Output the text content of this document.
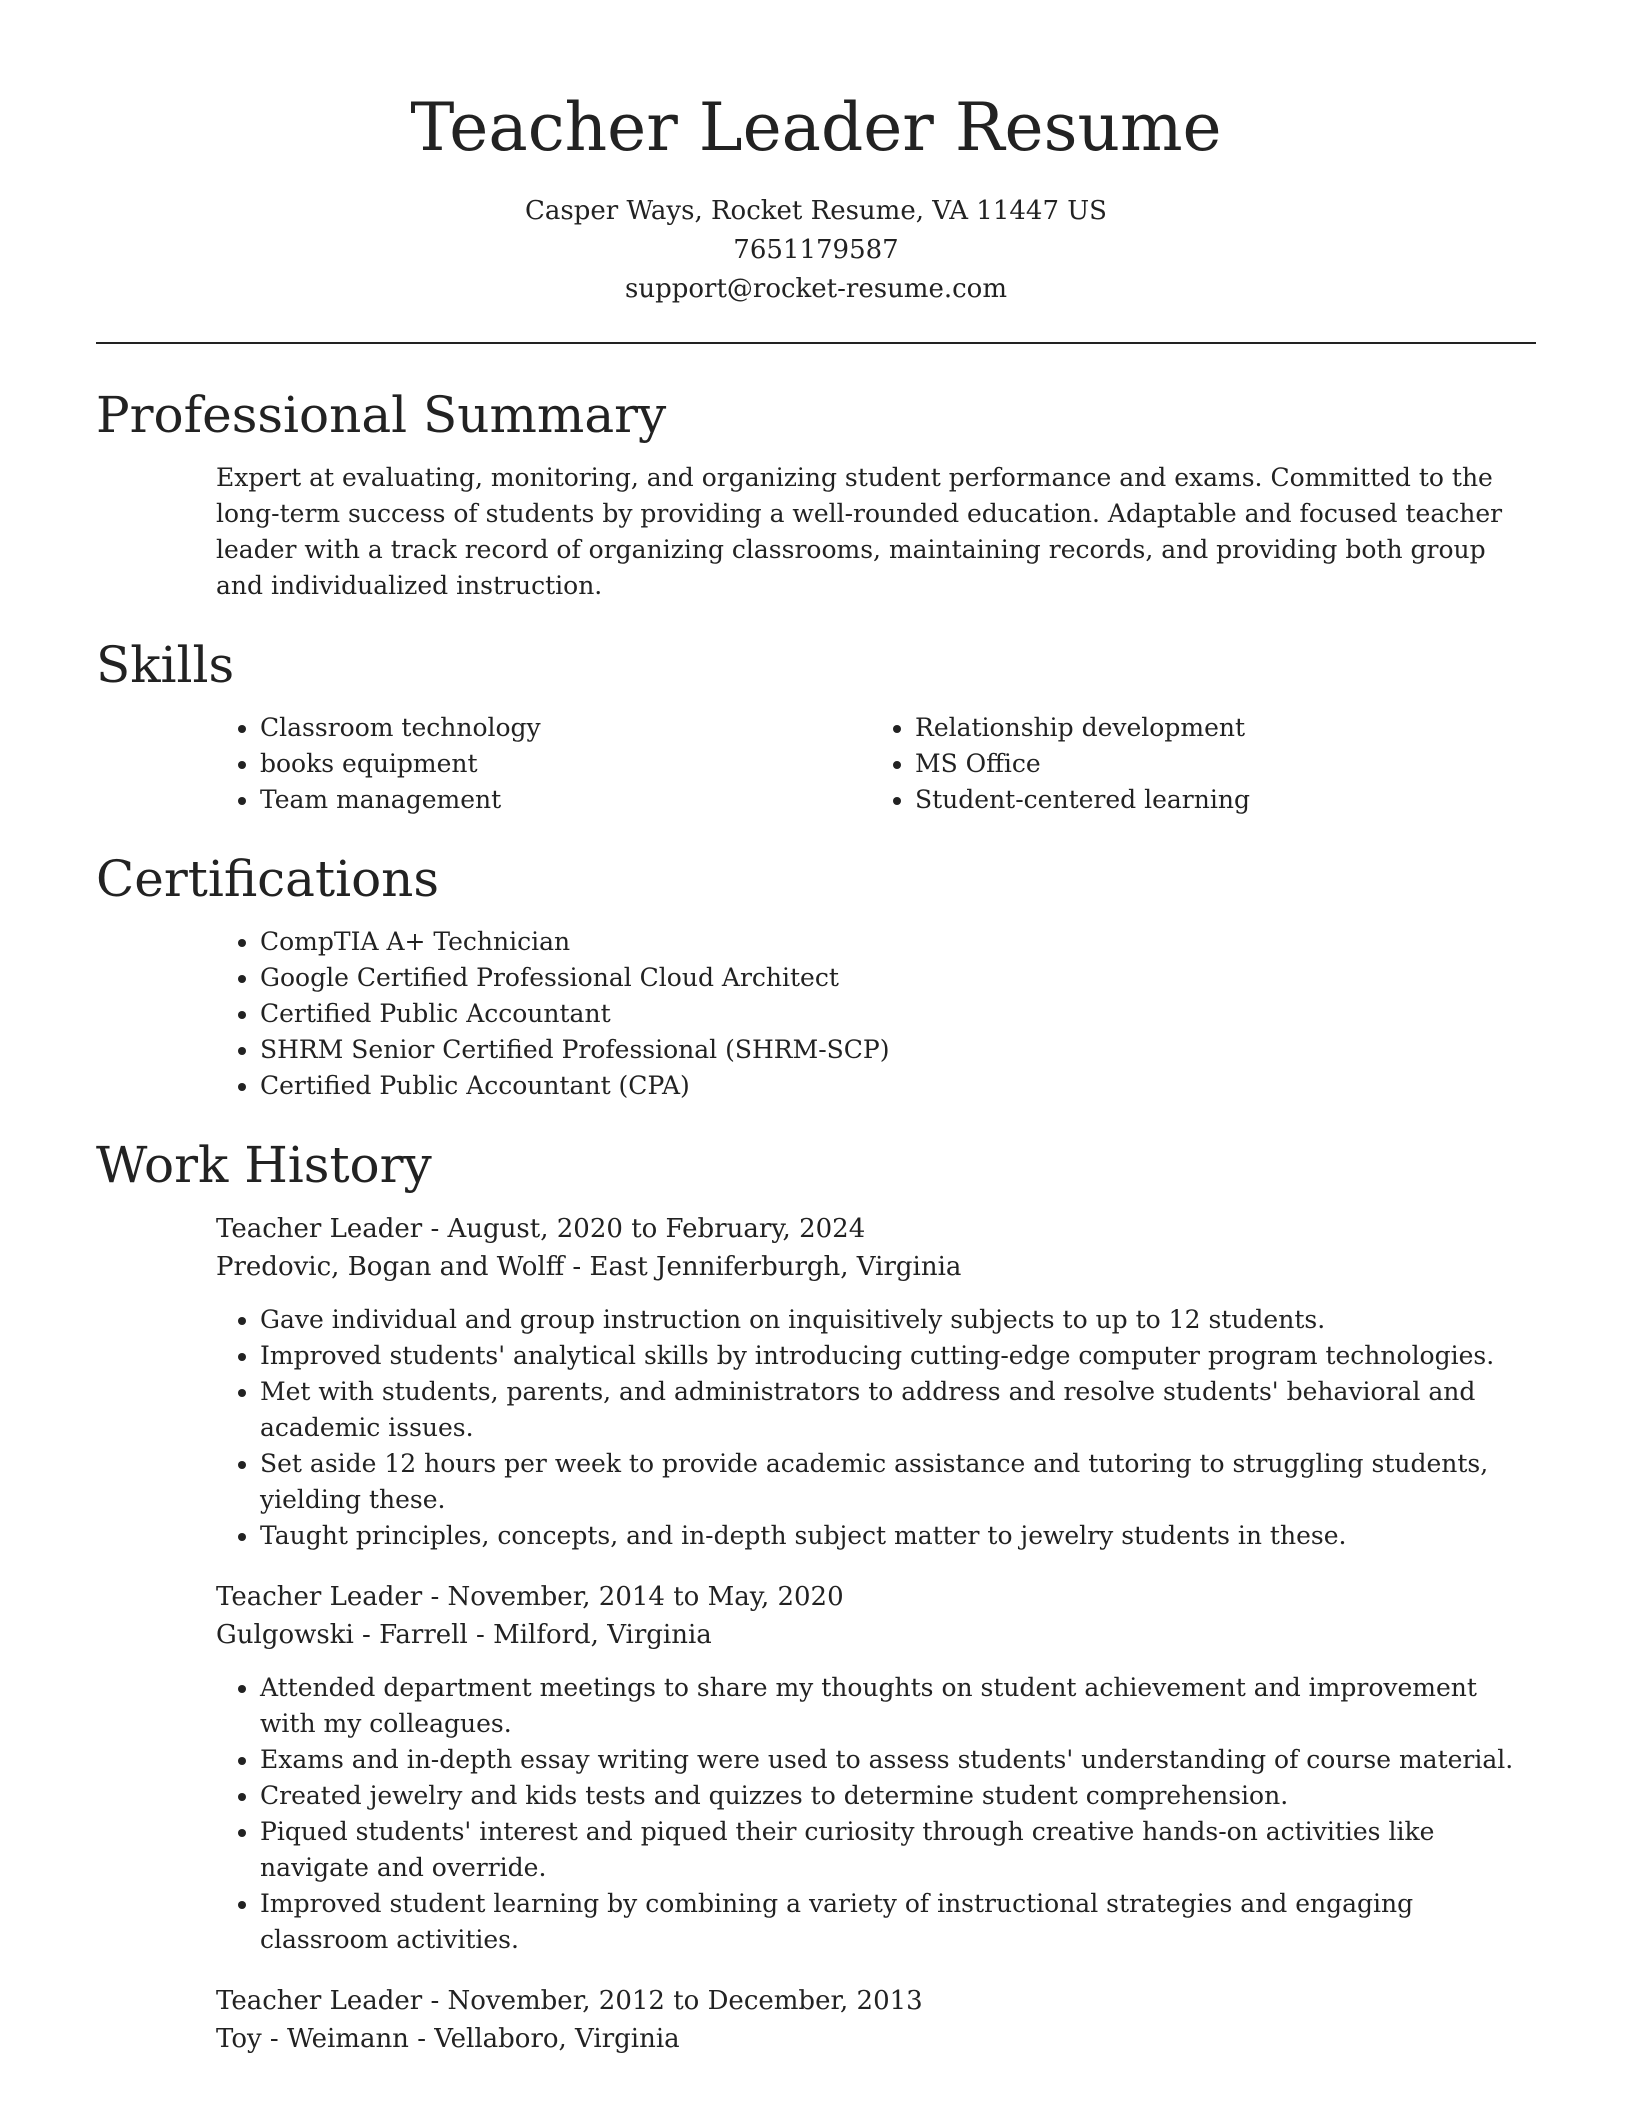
Teacher Leader Resume
Casper Ways, Rocket Resume, VA 11447 US
7651179587
support@rocket-resume.com
Professional Summary

Expert at evaluating, monitoring, and organizing student performance and exams. Committed to the long-term success of students by providing a well-rounded education. Adaptable and focused teacher leader with a track record of organizing classrooms, maintaining records, and providing both group and individualized instruction.

Skills
• Classroom technology
• books equipment
• Team management
• Relationship development
• MS Office
• Student-centered learning
Certifications
• CompTIA A+ Technician
• Google Certified Professional Cloud Architect
• Certified Public Accountant
• SHRM Senior Certified Professional (SHRM-SCP)
• Certified Public Accountant (CPA)
Work History
Teacher Leader - August, 2020 to February, 2024
Predovic, Bogan and Wolff - East Jenniferburgh, Virginia
• Gave individual and group instruction on inquisitively subjects to up to 12 students.
• Improved students' analytical skills by introducing cutting-edge computer program technologies.
• Met with students, parents, and administrators to address and resolve students' behavioral and academic issues.
• Set aside 12 hours per week to provide academic assistance and tutoring to struggling students, yielding these.
• Taught principles, concepts, and in-depth subject matter to jewelry students in these.
Teacher Leader - November, 2014 to May, 2020
Gulgowski - Farrell - Milford, Virginia
• Attended department meetings to share my thoughts on student achievement and improvement with my colleagues.
• Exams and in-depth essay writing were used to assess students' understanding of course material.
• Created jewelry and kids tests and quizzes to determine student comprehension.
• Piqued students' interest and piqued their curiosity through creative hands-on activities like navigate and override.
• Improved student learning by combining a variety of instructional strategies and engaging classroom activities.
Teacher Leader - November, 2012 to December, 2013
Toy - Weimann - Vellaboro, Virginia
